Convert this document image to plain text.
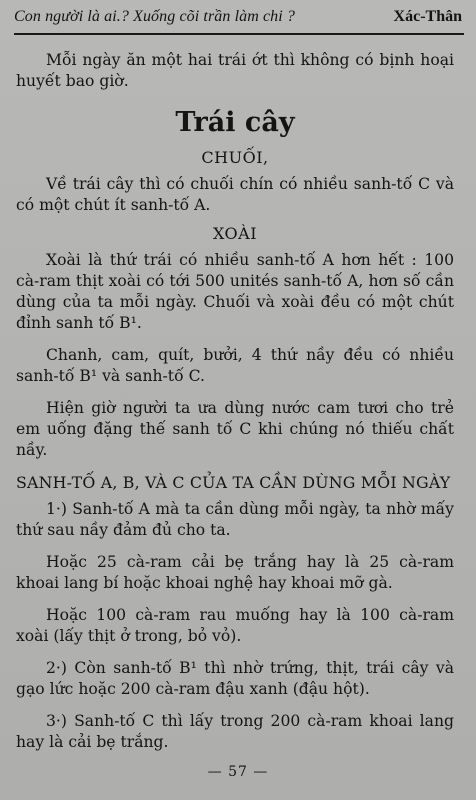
Con người là ai.? Xuống cõi trần làm chi ?	Xác-Thân

Mỗi ngày ăn một hai trái ớt thì không có bịnh hoại huyết bao giờ.

Trái cây
CHUỐI,

Về trái cây thì có chuối chín có nhiều sanh-tố C và có một chút ít sanh-tố A.

XOÀI

Xoài là thứ trái có nhiều sanh-tố A hơn hết : 100 cà-ram thịt xoài có tới 500 unités sanh-tố A, hơn số cần dùng của ta mỗi ngày. Chuối và xoài đều có một chút đỉnh sanh tố B¹.

Chanh, cam, quít, bưởi, 4 thứ nầy đều có nhiều sanh-tố B¹ và sanh-tố C.

Hiện giờ người ta ưa dùng nước cam tươi cho trẻ em uống đặng thế sanh tố C khi chúng nó thiếu chất nầy.

SANH-TỐ A, B, VÀ C CỦA TA CẦN DÙNG MỖI NGÀY

1·) Sanh-tố A mà ta cần dùng mỗi ngày, ta nhờ mấy thứ sau nầy đảm đủ cho ta.

Hoặc 25 cà-ram cải bẹ trắng hay là 25 cà-ram khoai lang bí hoặc khoai nghệ hay khoai mỡ gà.

Hoặc 100 cà-ram rau muống hay là 100 cà-ram xoài (lấy thịt ở trong, bỏ vỏ).

2·) Còn sanh-tố B¹ thì nhờ trứng, thịt, trái cây và gạo lức hoặc 200 cà-ram đậu xanh (đậu hột).

3·) Sanh-tố C thì lấy trong 200 cà-ram khoai lang hay là cải bẹ trắng.

— 57 —
